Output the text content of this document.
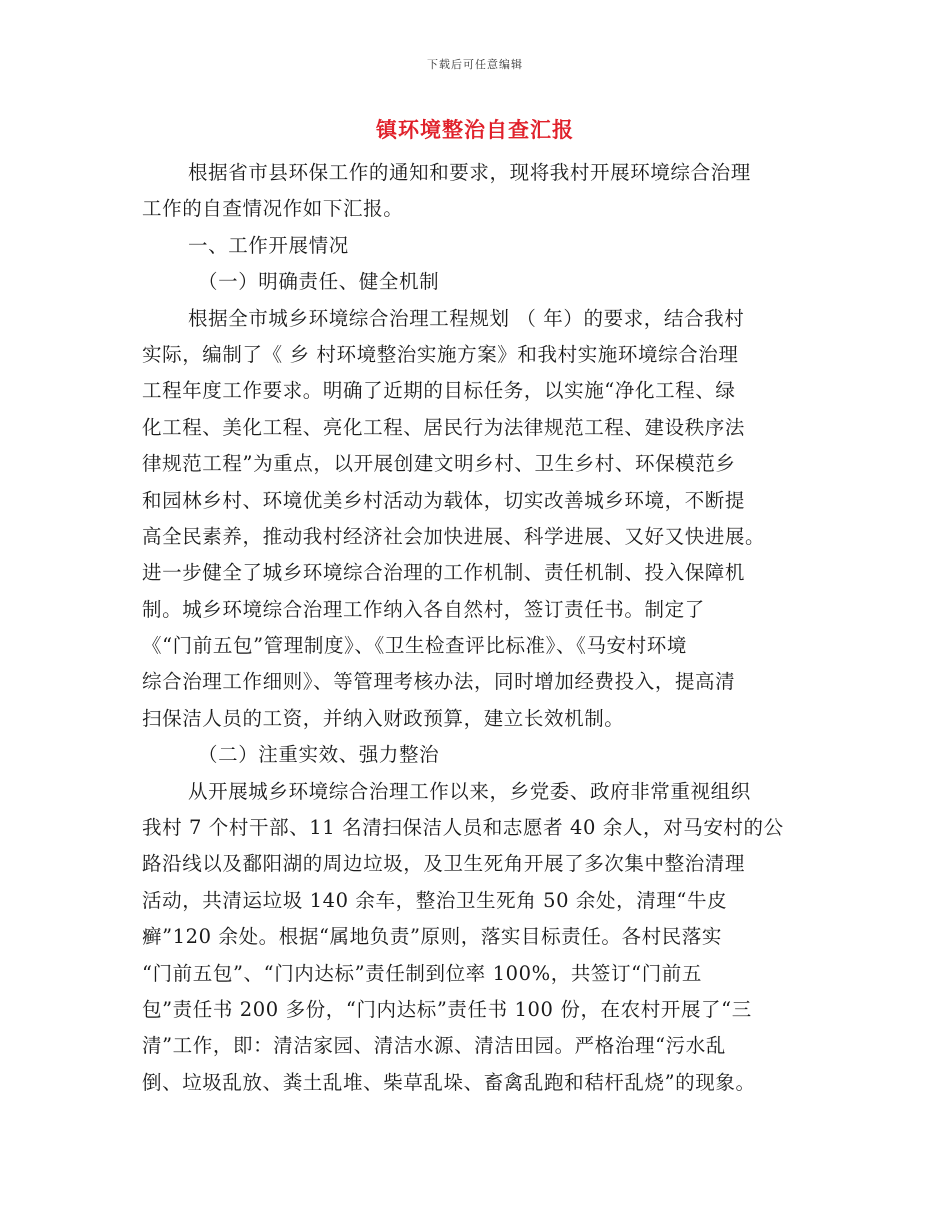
下载后可任意编辑
镇环境整治自查汇报
根据省市县环保工作的通知和要求，现将我村开展环境综合治理
工作的自查情况作如下汇报。
一、工作开展情况
（一）明确责任、健全机制
根据全市城乡环境综合治理工程规划 （ 年）的要求，结合我村
实际，编制了《 乡 村环境整治实施方案》和我村实施环境综合治理
工程年度工作要求。明确了近期的目标任务，以实施“净化工程、绿
化工程、美化工程、亮化工程、居民行为法律规范工程、建设秩序法
律规范工程”为重点，以开展创建文明乡村、卫生乡村、环保模范乡
和园林乡村、环境优美乡村活动为载体，切实改善城乡环境，不断提
高全民素养，推动我村经济社会加快进展、科学进展、又好又快进展。
进一步健全了城乡环境综合治理的工作机制、责任机制、投入保障机
制。城乡环境综合治理工作纳入各自然村，签订责任书。制定了
《“门前五包”管理制度》、《卫生检查评比标准》、《马安村环境
综合治理工作细则》、等管理考核办法，同时增加经费投入，提高清
扫保洁人员的工资，并纳入财政预算，建立长效机制。
（二）注重实效、强力整治
从开展城乡环境综合治理工作以来，乡党委、政府非常重视组织
我村 7 个村干部、11 名清扫保洁人员和志愿者 40 余人，对马安村的公
路沿线以及鄱阳湖的周边垃圾，及卫生死角开展了多次集中整治清理
活动，共清运垃圾 140 余车，整治卫生死角 50 余处，清理“牛皮
癣”120 余处。根据“属地负责”原则，落实目标责任。各村民落实
“门前五包”、“门内达标”责任制到位率 100%，共签订“门前五
包”责任书 200 多份，“门内达标”责任书 100 份，在农村开展了“三
清”工作，即：清洁家园、清洁水源、清洁田园。严格治理“污水乱
倒、垃圾乱放、粪土乱堆、柴草乱垛、畜禽乱跑和秸杆乱烧”的现象。
